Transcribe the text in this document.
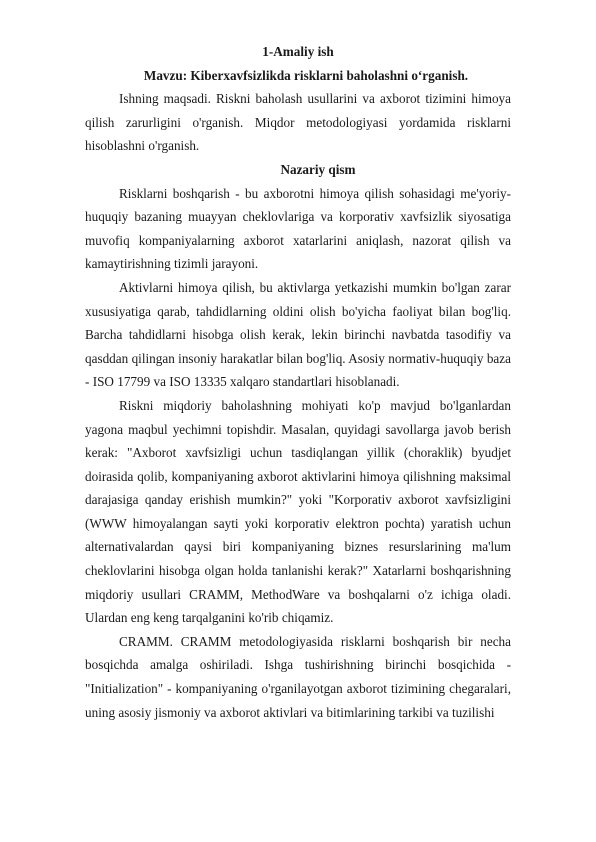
1-Amaliy ish

Mavzu: Kiberxavfsizlikda risklarni baholashni o‘rganish.

Ishning maqsadi. Riskni baholash usullarini va axborot tizimini himoya qilish zarurligini o'rganish. Miqdor metodologiyasi yordamida risklarni hisoblashni o'rganish.

Nazariy qism

Risklarni boshqarish - bu axborotni himoya qilish sohasidagi me'yoriy-huquqiy bazaning muayyan cheklovlariga va korporativ xavfsizlik siyosatiga muvofiq kompaniyalarning axborot xatarlarini aniqlash, nazorat qilish va kamaytirishning tizimli jarayoni.

Aktivlarni himoya qilish, bu aktivlarga yetkazishi mumkin bo'lgan zarar xususiyatiga qarab, tahdidlarning oldini olish bo'yicha faoliyat bilan bog'liq. Barcha tahdidlarni hisobga olish kerak, lekin birinchi navbatda tasodifiy va qasddan qilingan insoniy harakatlar bilan bog'liq. Asosiy normativ-huquqiy baza - ISO 17799 va ISO 13335 xalqaro standartlari hisoblanadi.

Riskni miqdoriy baholashning mohiyati ko'p mavjud bo'lganlardan yagona maqbul yechimni topishdir. Masalan, quyidagi savollarga javob berish kerak: "Axborot xavfsizligi uchun tasdiqlangan yillik (choraklik) byudjet doirasida qolib, kompaniyaning axborot aktivlarini himoya qilishning maksimal darajasiga qanday erishish mumkin?" yoki "Korporativ axborot xavfsizligini (WWW himoyalangan sayti yoki korporativ elektron pochta) yaratish uchun alternativalardan qaysi biri kompaniyaning biznes resurslarining ma'lum cheklovlarini hisobga olgan holda tanlanishi kerak?" Xatarlarni boshqarishning miqdoriy usullari CRAMM, MethodWare va boshqalarni o'z ichiga oladi. Ulardan eng keng tarqalganini ko'rib chiqamiz.

CRAMM. CRAMM metodologiyasida risklarni boshqarish bir necha bosqichda amalga oshiriladi. Ishga tushirishning birinchi bosqichida - "Initialization" - kompaniyaning o'rganilayotgan axborot tizimining chegaralari, uning asosiy jismoniy va axborot aktivlari va bitimlarining tarkibi va tuzilishi
